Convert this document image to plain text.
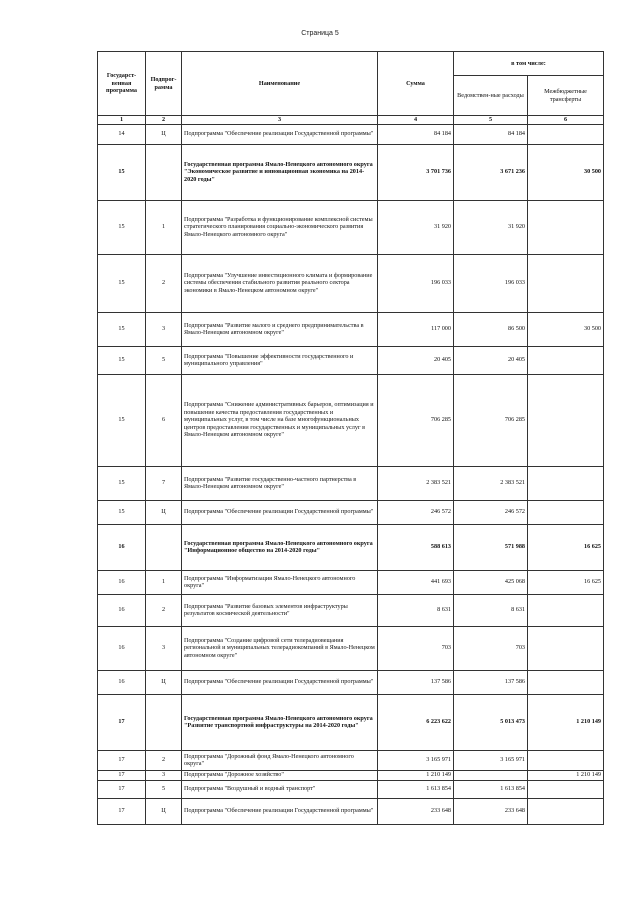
Страница 5
Государст-венная программа	Подпрог-рамма	Наименование	Сумма	в том числе:	
				Ведомствен-ные расходы	Межбюджетные трансферты
1	2	3	4	5	6
14	Ц	Подпрограмма "Обеспечение реализации Государственной программы"	84 184	84 184	
15		Государственная программа Ямало-Ненецкого автономного округа "Экономическое развитие и инновационная экономика на 2014-2020 годы"	3 701 736	3 671 236	30 500
15	1	Подпрограмма "Разработка и функционирование комплексной системы стратегического планирования социально-экономического развития Ямало-Ненецкого автономного округа"	31 920	31 920	
15	2	Подпрограмма "Улучшение инвестиционного климата и формирование системы обеспечения стабильного развития реального сектора экономики в Ямало-Ненецком автономном округе"	196 033	196 033	
15	3	Подпрограмма "Развитие малого и среднего предпринимательства в Ямало-Ненецком автономном округе"	117 000	86 500	30 500
15	5	Подпрограмма "Повышение эффективности государственного и муниципального управления"	20 405	20 405	
15	6	Подпрограмма "Снижение административных барьеров, оптимизация и повышение качества предоставления государственных и муниципальных услуг, в том числе на базе многофункциональных центров предоставления государственных и муниципальных услуг в Ямало-Ненецком автономном округе"	706 285	706 285	
15	7	Подпрограмма "Развитие государственно-частного партнерства в Ямало-Ненецком автономном округе"	2 383 521	2 383 521	
15	Ц	Подпрограмма "Обеспечение реализации Государственной программы"	246 572	246 572	
16		Государственная программа Ямало-Ненецкого автономного округа "Информационное общество на 2014-2020 годы"	588 613	571 988	16 625
16	1	Подпрограмма "Информатизация Ямало-Ненецкого автономного округа"	441 693	425 068	16 625
16	2	Подпрограмма "Развитие базовых элементов инфраструктуры результатов космической деятельности"	8 631	8 631	
16	3	Подпрограмма "Создание цифровой сети телерадиовещания региональной и муниципальных телерадиокомпаний в Ямало-Ненецком автономном округе"	703	703	
16	Ц	Подпрограмма "Обеспечение реализации Государственной программы"	137 586	137 586	
17		Государственная программа Ямало-Ненецкого автономного округа "Развитие транспортной инфраструктуры на 2014-2020 годы"	6 223 622	5 013 473	1 210 149
17	2	Подпрограмма "Дорожный фонд Ямало-Ненецкого автономного округа"	3 165 971	3 165 971	
17	3	Подпрограмма "Дорожное хозяйство"	1 210 149		1 210 149
17	5	Подпрограмма "Воздушный и водный транспорт"	1 613 854	1 613 854	
17	Ц	Подпрограмма "Обеспечение реализации Государственной программы"	233 648	233 648	
